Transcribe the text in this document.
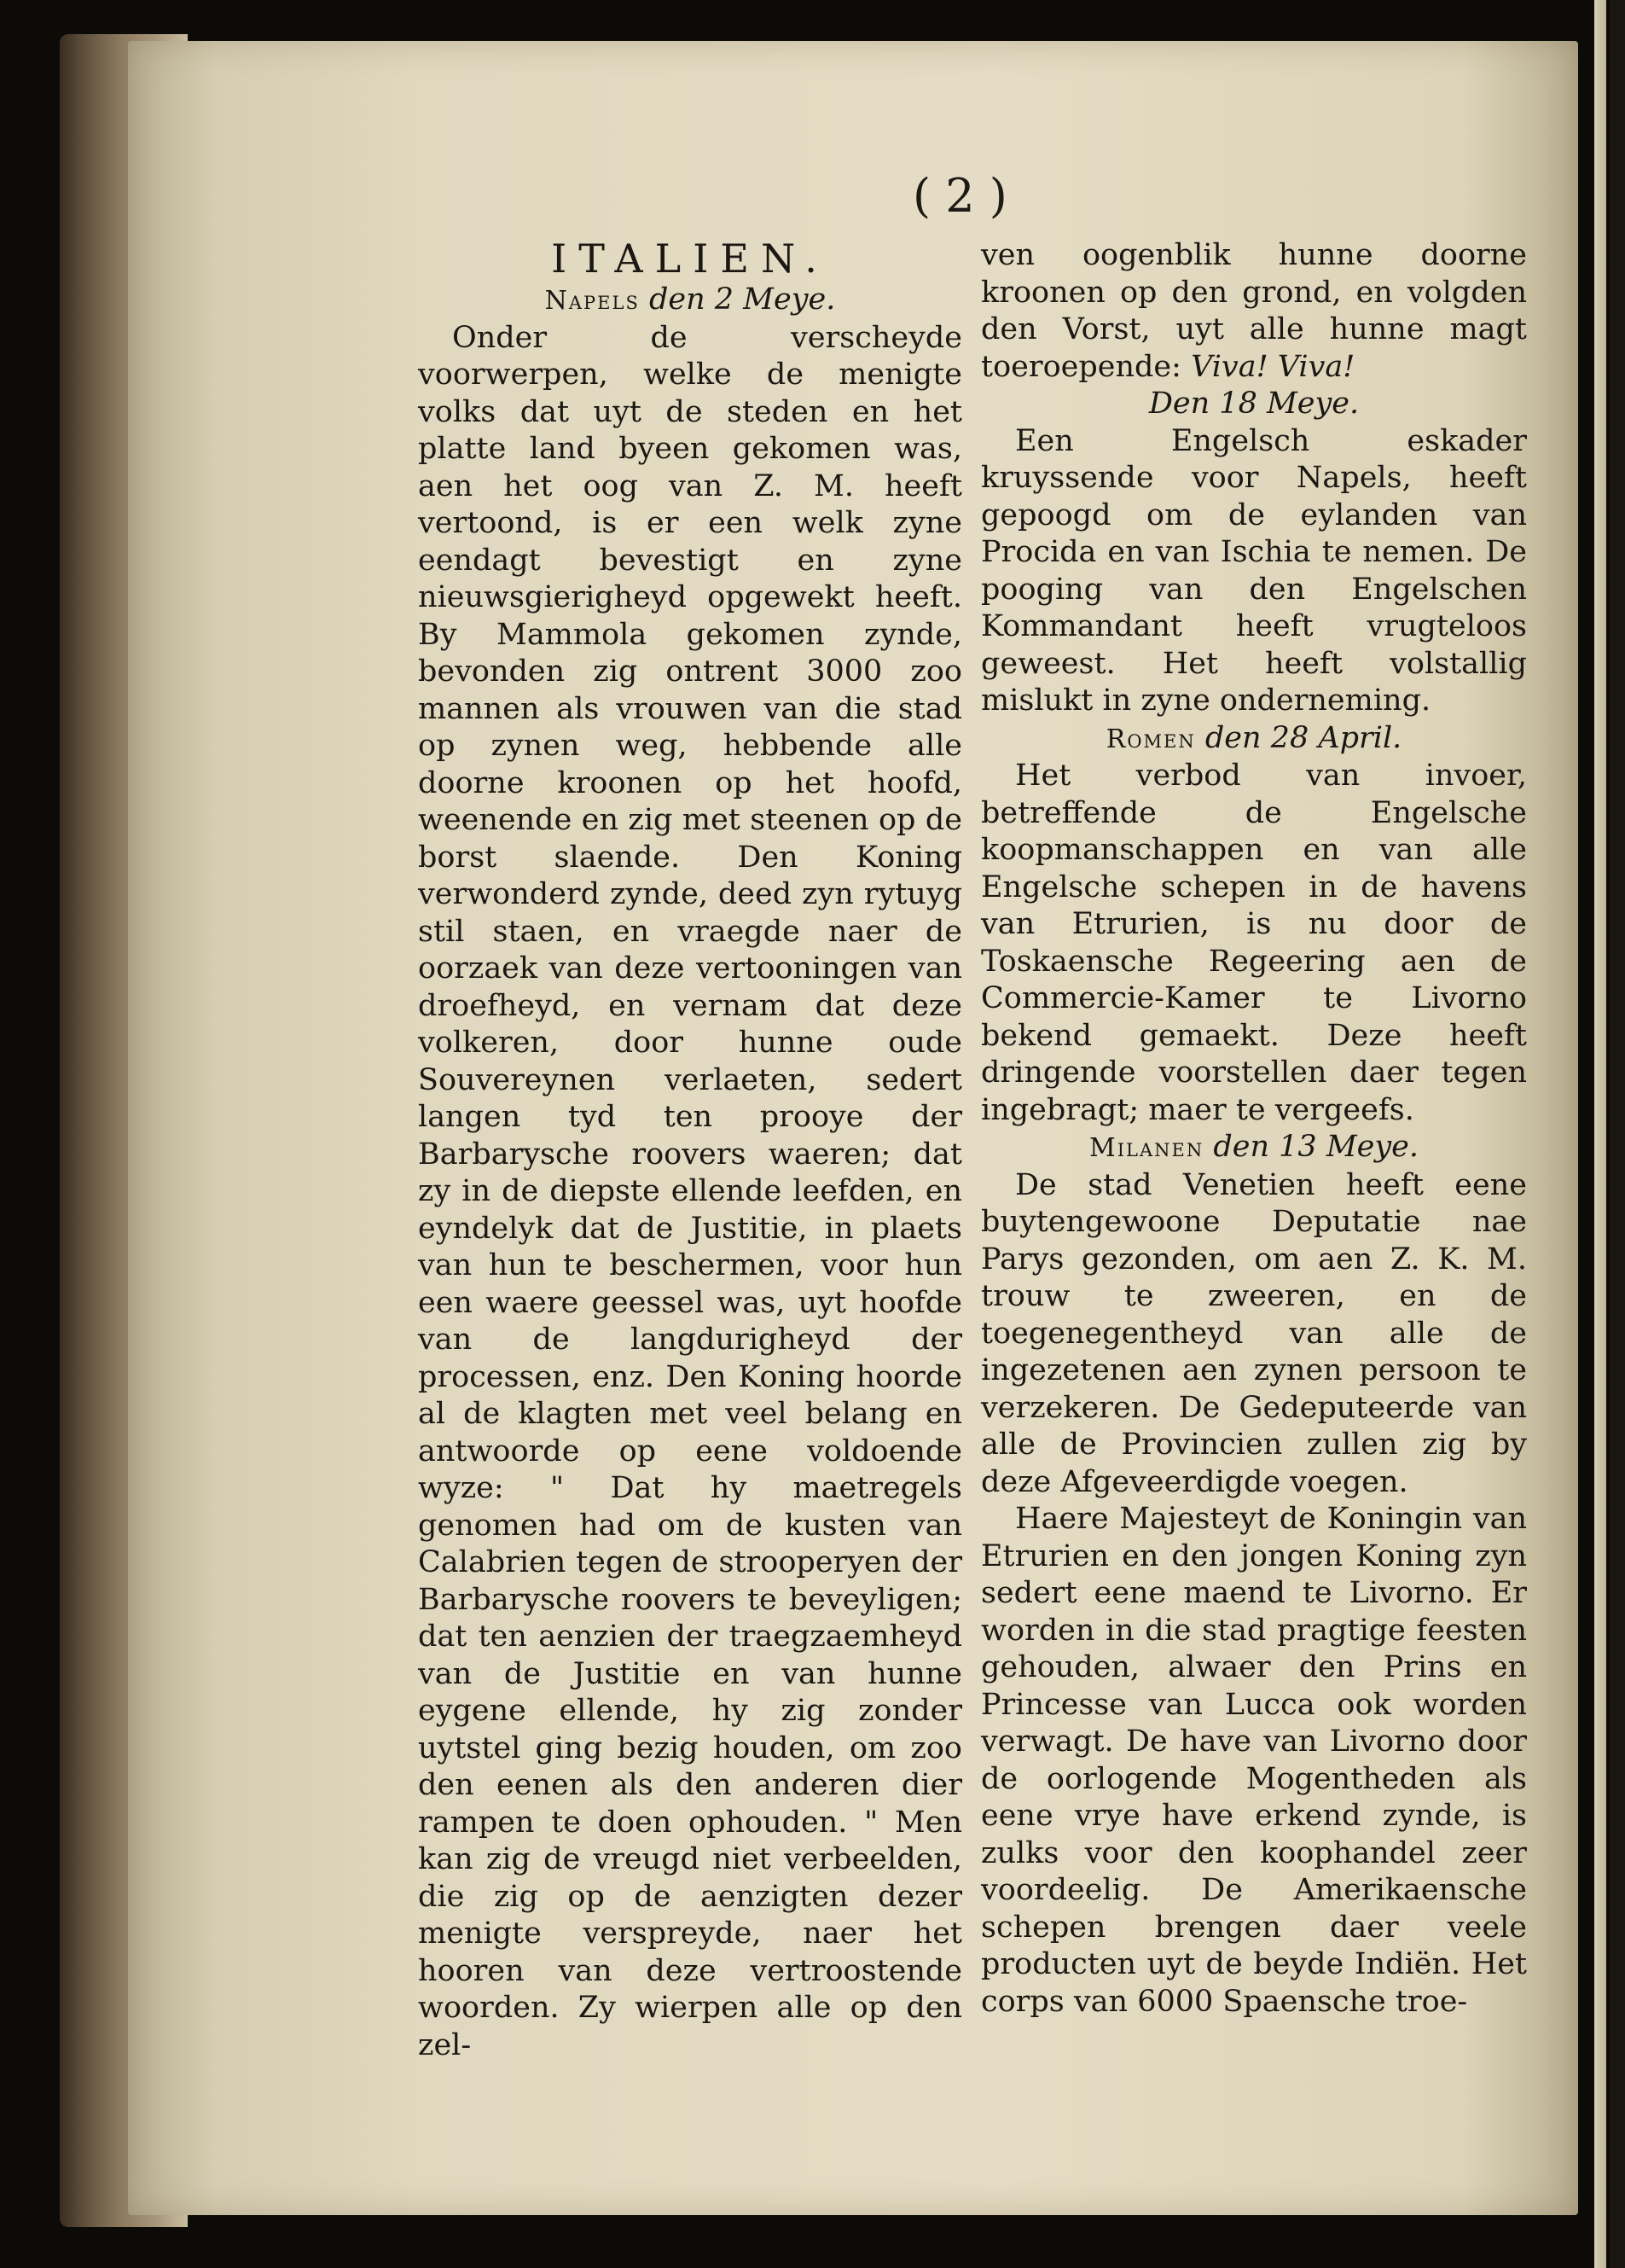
( 2 )
ITALIEN.
Napels den 2 Meye.

Onder de verscheyde voorwerpen, welke de menigte volks dat uyt de steden en het platte land byeen gekomen was, aen het oog van Z. M. heeft vertoond, is er een welk zyne eendagt bevestigt en zyne nieuwsgierigheyd opgewekt heeft. By Mammola gekomen zynde, bevonden zig ontrent 3000 zoo mannen als vrouwen van die stad op zynen weg, hebbende alle doorne kroonen op het hoofd, weenende en zig met steenen op de borst slaende. Den Koning verwonderd zynde, deed zyn rytuyg stil staen, en vraegde naer de oorzaek van deze vertooningen van droefheyd, en vernam dat deze volkeren, door hunne oude Souvereynen verlaeten, sedert langen tyd ten prooye der Barbarysche roovers waeren; dat zy in de diepste ellende leefden, en eyndelyk dat de Justitie, in plaets van hun te beschermen, voor hun een waere geessel was, uyt hoofde van de langdurigheyd der processen, enz. Den Koning hoorde al de klagten met veel belang en antwoorde op eene voldoende wyze: " Dat hy maetregels genomen had om de kusten van Calabrien tegen de strooperyen der Barbarysche roovers te beveyligen; dat ten aenzien der traegzaemheyd van de Justitie en van hunne eygene ellende, hy zig zonder uytstel ging bezig houden, om zoo den eenen als den anderen dier rampen te doen ophouden. " Men kan zig de vreugd niet verbeelden, die zig op de aenzigten dezer menigte verspreyde, naer het hooren van deze vertroostende woorden. Zy wierpen alle op den zel-

ven oogenblik hunne doorne kroonen op den grond, en volgden den Vorst, uyt alle hunne magt toeroepende: Viva! Viva!

Den 18 Meye.

Een Engelsch eskader kruyssende voor Napels, heeft gepoogd om de eylanden van Procida en van Ischia te nemen. De pooging van den Engelschen Kommandant heeft vrugteloos geweest. Het heeft volstallig mislukt in zyne onderneming.

Romen den 28 April.

Het verbod van invoer, betreffende de Engelsche koopmanschappen en van alle Engelsche schepen in de havens van Etrurien, is nu door de Toskaensche Regeering aen de Commercie-Kamer te Livorno bekend gemaekt. Deze heeft dringende voorstellen daer tegen ingebragt; maer te vergeefs.

Milanen den 13 Meye.

De stad Venetien heeft eene buytengewoone Deputatie nae Parys gezonden, om aen Z. K. M. trouw te zweeren, en de toegenegentheyd van alle de ingezetenen aen zynen persoon te verzekeren. De Gedeputeerde van alle de Provincien zullen zig by deze Afgeveerdigde voegen.

Haere Majesteyt de Koningin van Etrurien en den jongen Koning zyn sedert eene maend te Livorno. Er worden in die stad pragtige feesten gehouden, alwaer den Prins en Princesse van Lucca ook worden verwagt. De have van Livorno door de oorlogende Mogentheden als eene vrye have erkend zynde, is zulks voor den koophandel zeer voordeelig. De Amerikaensche schepen brengen daer veele producten uyt de beyde Indiën. Het corps van 6000 Spaensche troe-
